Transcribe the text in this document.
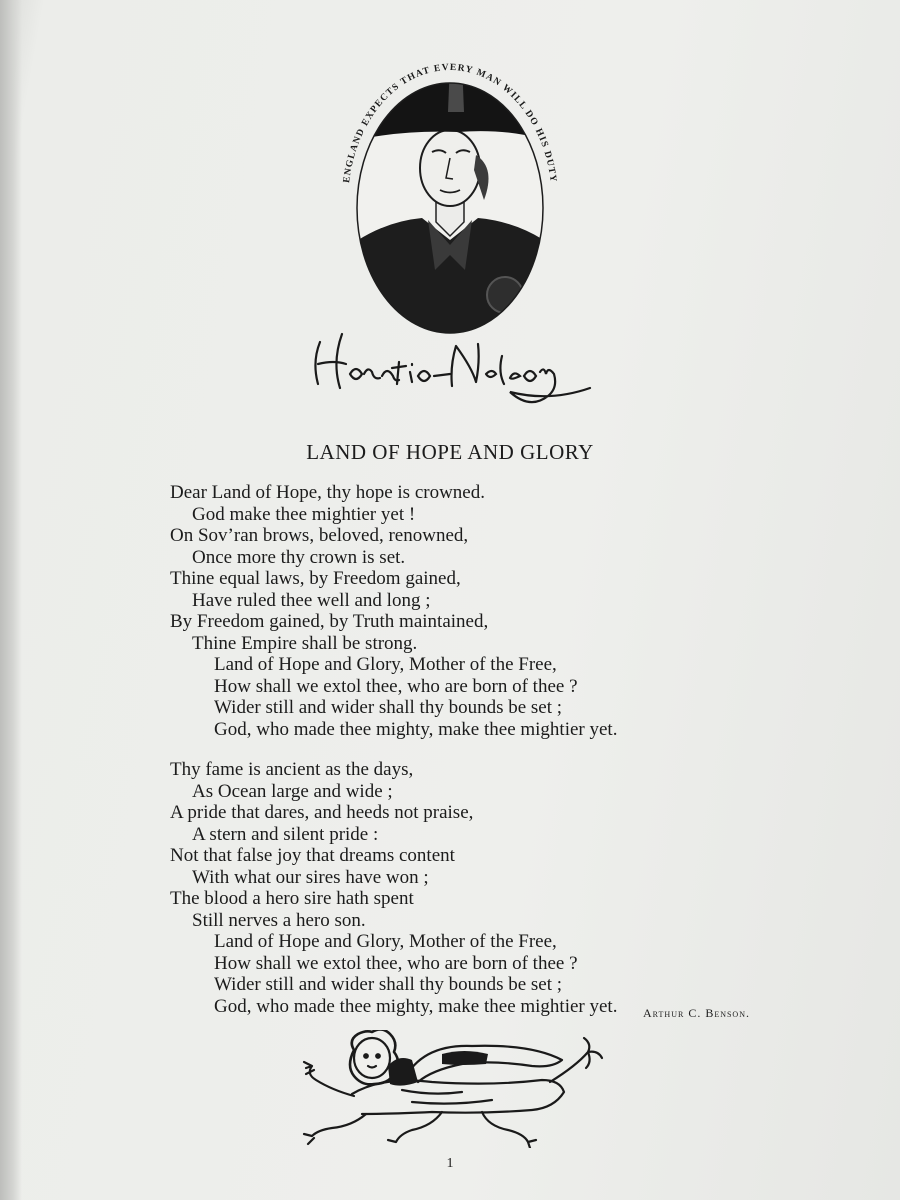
ENGLAND EXPECTS THAT EVERY MAN WILL DO HIS DUTY
LAND OF HOPE AND GLORY
Dear Land of Hope, thy hope is crowned.
God make thee mightier yet !
On Sov’ran brows, beloved, renowned,
Once more thy crown is set.
Thine equal laws, by Freedom gained,
Have ruled thee well and long ;
By Freedom gained, by Truth maintained,
Thine Empire shall be strong.
Land of Hope and Glory, Mother of the Free,
How shall we extol thee, who are born of thee ?
Wider still and wider shall thy bounds be set ;
God, who made thee mighty, make thee mightier yet.
Thy fame is ancient as the days,
As Ocean large and wide ;
A pride that dares, and heeds not praise,
A stern and silent pride :
Not that false joy that dreams content
With what our sires have won ;
The blood a hero sire hath spent
Still nerves a hero son.
Land of Hope and Glory, Mother of the Free,
How shall we extol thee, who are born of thee ?
Wider still and wider shall thy bounds be set ;
God, who made thee mighty, make thee mightier yet.	Arthur C. Benson.
1
